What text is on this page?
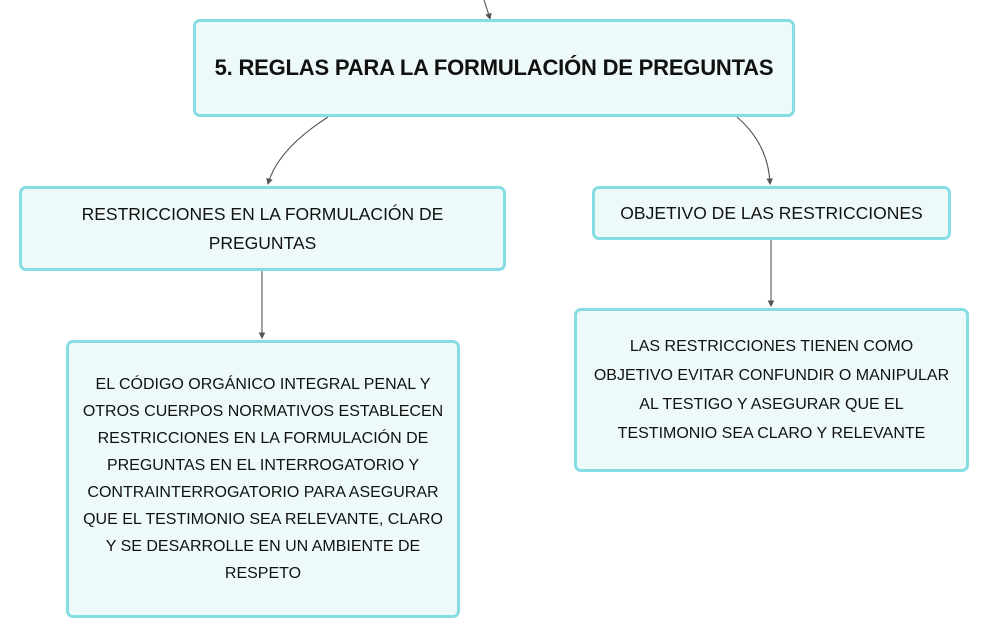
5. REGLAS PARA LA FORMULACIÓN DE PREGUNTAS
RESTRICCIONES EN LA FORMULACIÓN DE
PREGUNTAS
OBJETIVO DE LAS RESTRICCIONES
EL CÓDIGO ORGÁNICO INTEGRAL PENAL Y
OTROS CUERPOS NORMATIVOS ESTABLECEN
RESTRICCIONES EN LA FORMULACIÓN DE
PREGUNTAS EN EL INTERROGATORIO Y
CONTRAINTERROGATORIO PARA ASEGURAR
QUE EL TESTIMONIO SEA RELEVANTE, CLARO
Y SE DESARROLLE EN UN AMBIENTE DE
RESPETO
LAS RESTRICCIONES TIENEN COMO
OBJETIVO EVITAR CONFUNDIR O MANIPULAR
AL TESTIGO Y ASEGURAR QUE EL
TESTIMONIO SEA CLARO Y RELEVANTE
